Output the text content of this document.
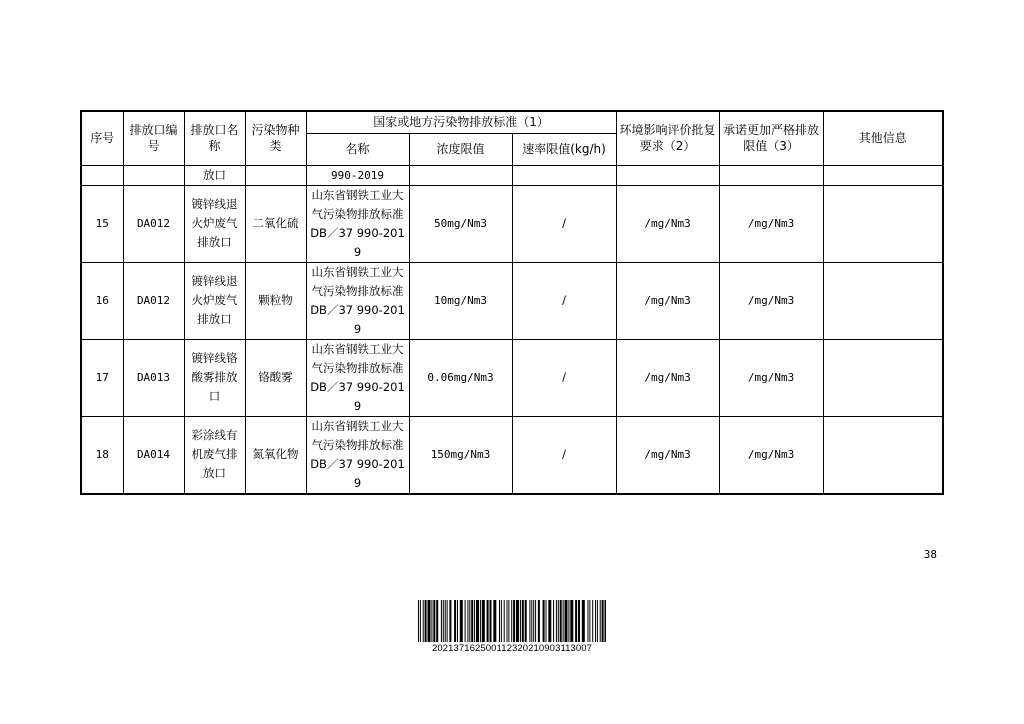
序号	排放口编号	排放口名称	污染物种类	国家或地方污染物排放标准（1）			环境影响评价批复要求（2）	承诺更加严格排放限值（3）	其他信息
				名称	浓度限值	速率限值(kg/h)			
		放口		990-2019					
15	DA012	镀锌线退火炉废气排放口	二氧化硫	山东省钢铁工业大气污染物排放标准DB／37 990-2019	50mg/Nm3	/	/mg/Nm3	/mg/Nm3	
16	DA012	镀锌线退火炉废气排放口	颗粒物	山东省钢铁工业大气污染物排放标准DB／37 990-2019	10mg/Nm3	/	/mg/Nm3	/mg/Nm3	
17	DA013	镀锌线铬酸雾排放口	铬酸雾	山东省钢铁工业大气污染物排放标准DB／37 990-2019	0.06mg/Nm3	/	/mg/Nm3	/mg/Nm3	
18	DA014	彩涂线有机废气排放口	氮氧化物	山东省钢铁工业大气污染物排放标准DB／37 990-2019	150mg/Nm3	/	/mg/Nm3	/mg/Nm3	
38
20213716250011232021090311300​7
